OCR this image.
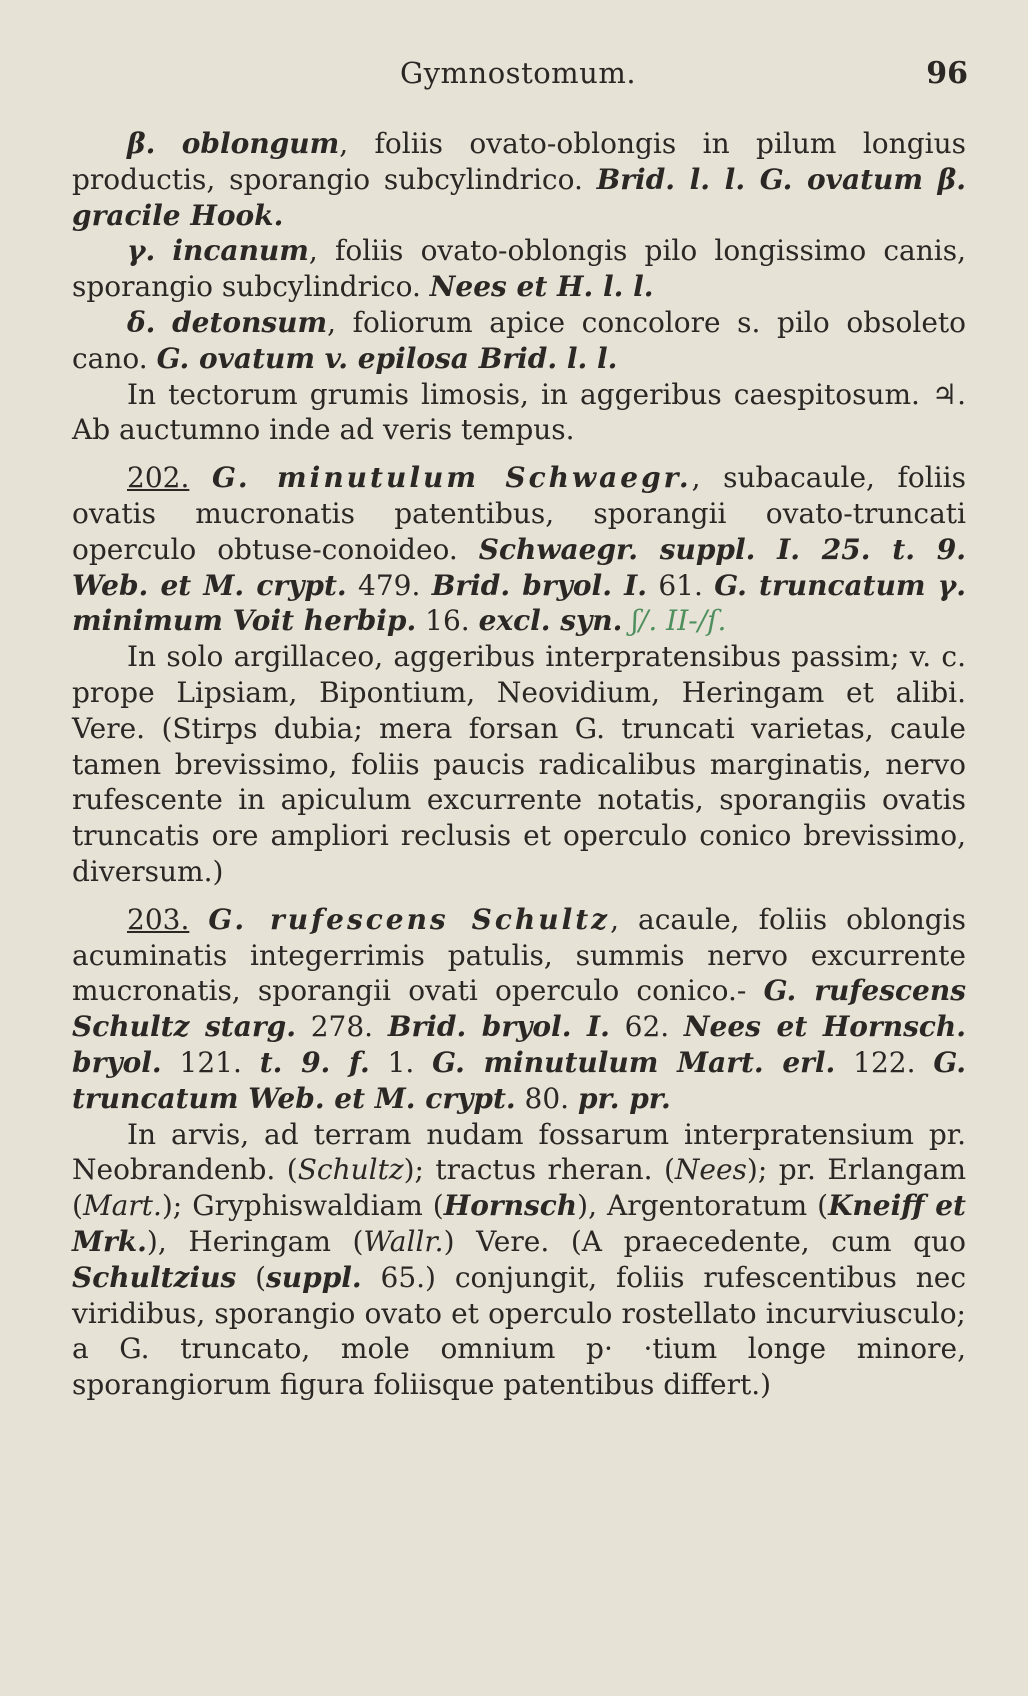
Gymnostomum.	96

β. oblongum, foliis ovato-oblongis in pilum longius productis, sporangio subcylindrico. Brid. l. l. G. ovatum β. gracile Hook.

γ. incanum, foliis ovato-oblongis pilo longissimo canis, sporangio subcylindrico. Nees et H. l. l.

δ. detonsum, foliorum apice concolore s. pilo obsoleto cano. G. ovatum v. epilosa Brid. l. l.

In tectorum grumis limosis, in aggeribus caespitosum. ♃. Ab auctumno inde ad veris tempus.

202. G. minutulum Schwaegr., subacaule, foliis ovatis mucronatis patentibus, sporangii ovato-truncati operculo obtuse-conoideo. Schwaegr. suppl. I. 25. t. 9. Web. et M. crypt. 479. Brid. bryol. I. 61. G. truncatum γ. minimum Voit herbip. 16. excl. syn. ʃ/. II-/ſ.

In solo argillaceo, aggeribus interpratensibus passim; v. c. prope Lipsiam, Bipontium, Neovidium, Heringam et alibi. Vere. (Stirps dubia; mera forsan G. truncati varietas, caule tamen brevissimo, foliis paucis radicalibus marginatis, nervo rufescente in apiculum excurrente notatis, sporangiis ovatis truncatis ore ampliori reclusis et operculo conico brevissimo, diversum.)

203. G. rufescens Schultz, acaule, foliis oblongis acuminatis integerrimis patulis, summis nervo excurrente mucronatis, sporangii ovati operculo conico.- G. rufescens Schultz starg. 278. Brid. bryol. I. 62. Nees et Hornsch. bryol. 121. t. 9. f. 1. G. minutulum Mart. erl. 122. G. truncatum Web. et M. crypt. 80. pr. pr.

In arvis, ad terram nudam fossarum interpratensium pr. Neobrandenb. (Schultz); tractus rheran. (Nees); pr. Erlangam (Mart.); Gryphiswaldiam (Hornsch), Argentoratum (Kneiff et Mrk.), Heringam (Wallr.) Vere. (A praecedente, cum quo Schultzius (suppl. 65.) conjungit, foliis rufescentibus nec viridibus, sporangio ovato et operculo rostellato incurviusculo; a G. truncato, mole omnium p· ·tium longe minore, sporangiorum figura foliisque patentibus differt.)
